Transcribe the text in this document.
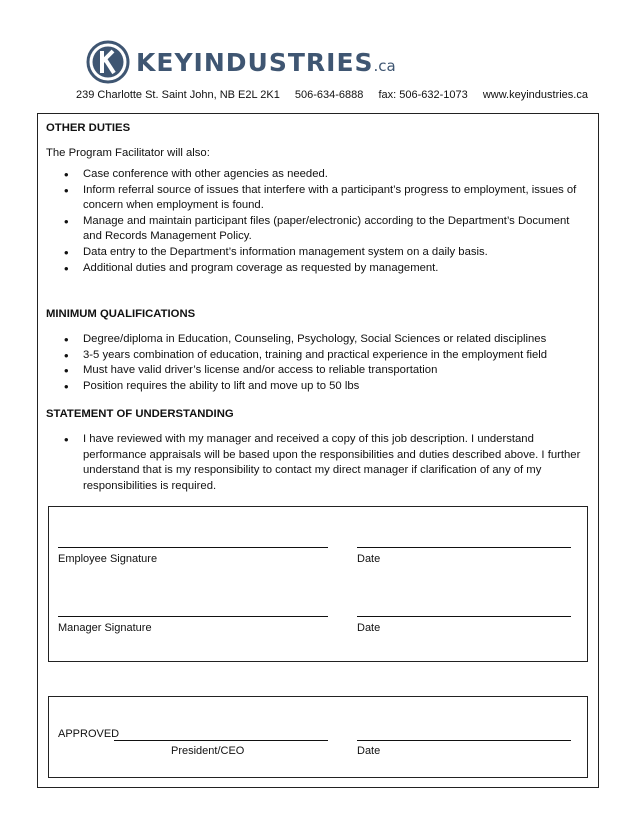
KEYINDUSTRIES.ca
239 Charlotte St. Saint John, NB E2L 2K1 506-634-6888 fax: 506-632-1073 www.keyindustries.ca
OTHER DUTIES
The Program Facilitator will also:
• Case conference with other agencies as needed.
• Inform referral source of issues that interfere with a participant’s progress to employment, issues of concern when employment is found.
• Manage and maintain participant files (paper/electronic) according to the Department’s Document and Records Management Policy.
• Data entry to the Department’s information management system on a daily basis.
• Additional duties and program coverage as requested by management.
MINIMUM QUALIFICATIONS
• Degree/diploma in Education, Counseling, Psychology, Social Sciences or related disciplines
• 3-5 years combination of education, training and practical experience in the employment field
• Must have valid driver’s license and/or access to reliable transportation
• Position requires the ability to lift and move up to 50 lbs
STATEMENT OF UNDERSTANDING
• I have reviewed with my manager and received a copy of this job description. I understand performance appraisals will be based upon the responsibilities and duties described above. I further understand that is my responsibility to contact my direct manager if clarification of any of my responsibilities is required.
Employee Signature	Date
Manager Signature	Date
APPROVED
President/CEO	Date
